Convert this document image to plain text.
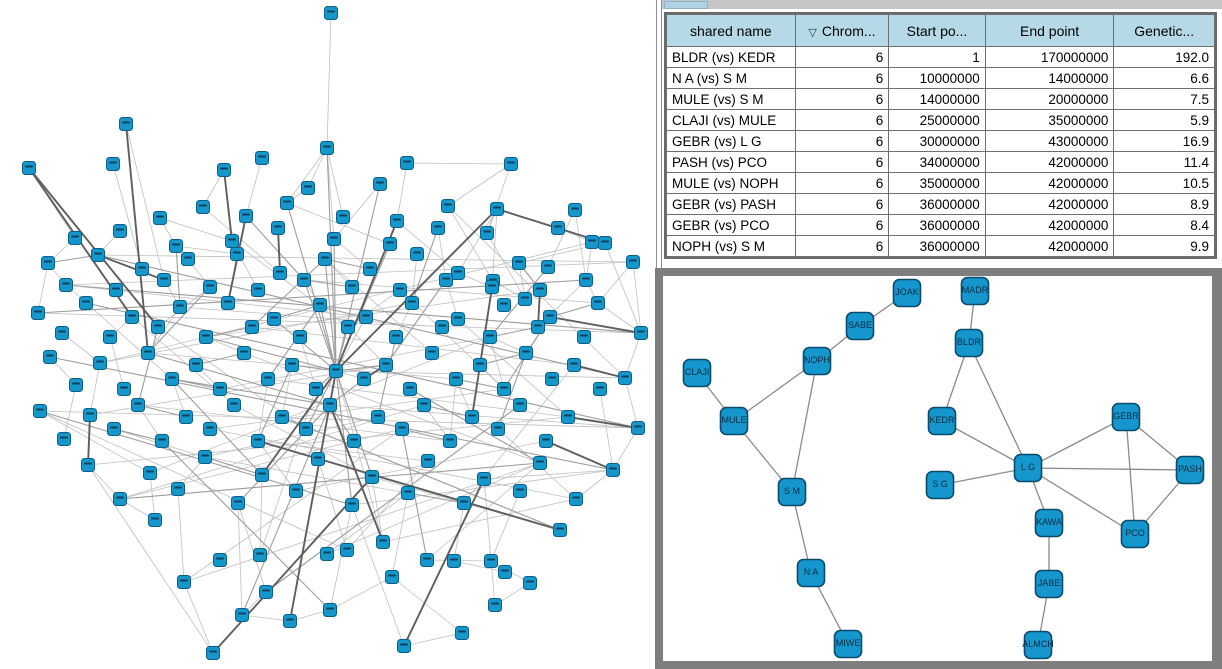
shared name	▽ Chrom...	Start po...	End point	Genetic...
BLDR (vs) KEDR	6	1	170000000	192.0
N A (vs) S M	6	10000000	14000000	6.6
MULE (vs) S M	6	14000000	20000000	7.5
CLAJI (vs) MULE	6	25000000	35000000	5.9
GEBR (vs) L G	6	30000000	43000000	16.9
PASH (vs) PCO	6	34000000	42000000	11.4
MULE (vs) NOPH	6	35000000	42000000	10.5
GEBR (vs) PASH	6	36000000	42000000	8.9
GEBR (vs) PCO	6	36000000	42000000	8.4
NOPH (vs) S M	6	36000000	42000000	9.9
JOAK	MADR
SABE
BLDR
NOPH
CLAJI
MULE	KEDR	GEBR
L G	PASH
S G
S M
KAWA
PCO
N A
JABE
MIWE	ALMCH
